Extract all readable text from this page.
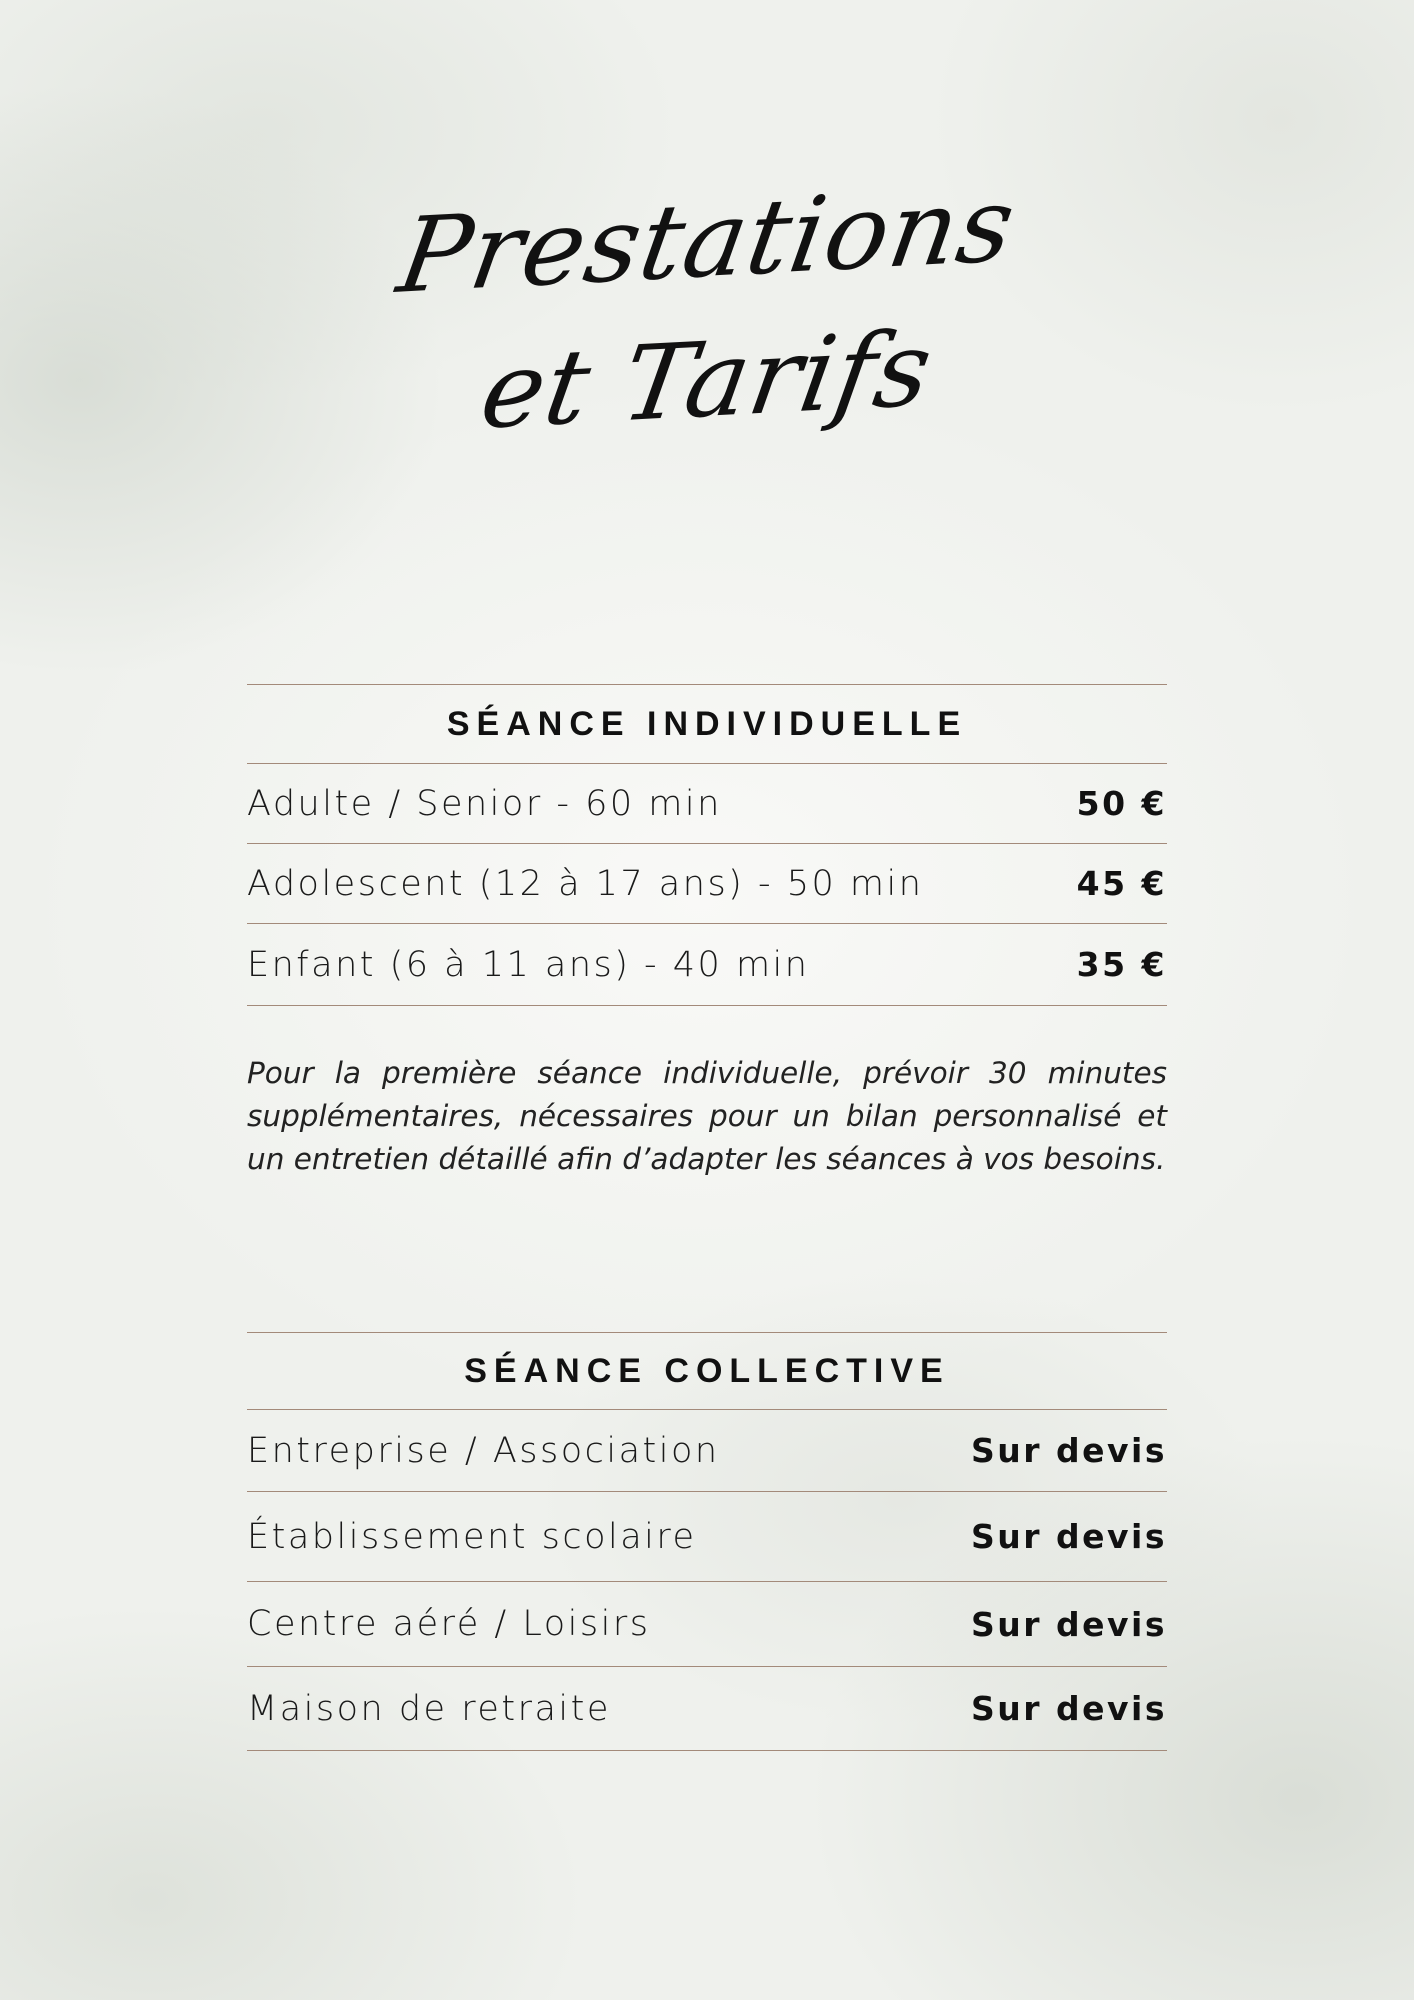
Prestations
et Tarifs
SÉANCE INDIVIDUELLE
Adulte / Senior - 60 min	50 €
Adolescent (12 à 17 ans) - 50 min	45 €
Enfant (6 à 11 ans) - 40 min	35 €

Pour la première séance individuelle, prévoir 30 minutes supplémentaires, nécessaires pour un bilan personnalisé et un entretien détaillé afin d’adapter les séances à vos besoins.

SÉANCE COLLECTIVE
Entreprise / Association	Sur devis
Établissement scolaire	Sur devis
Centre aéré / Loisirs	Sur devis
Maison de retraite	Sur devis
